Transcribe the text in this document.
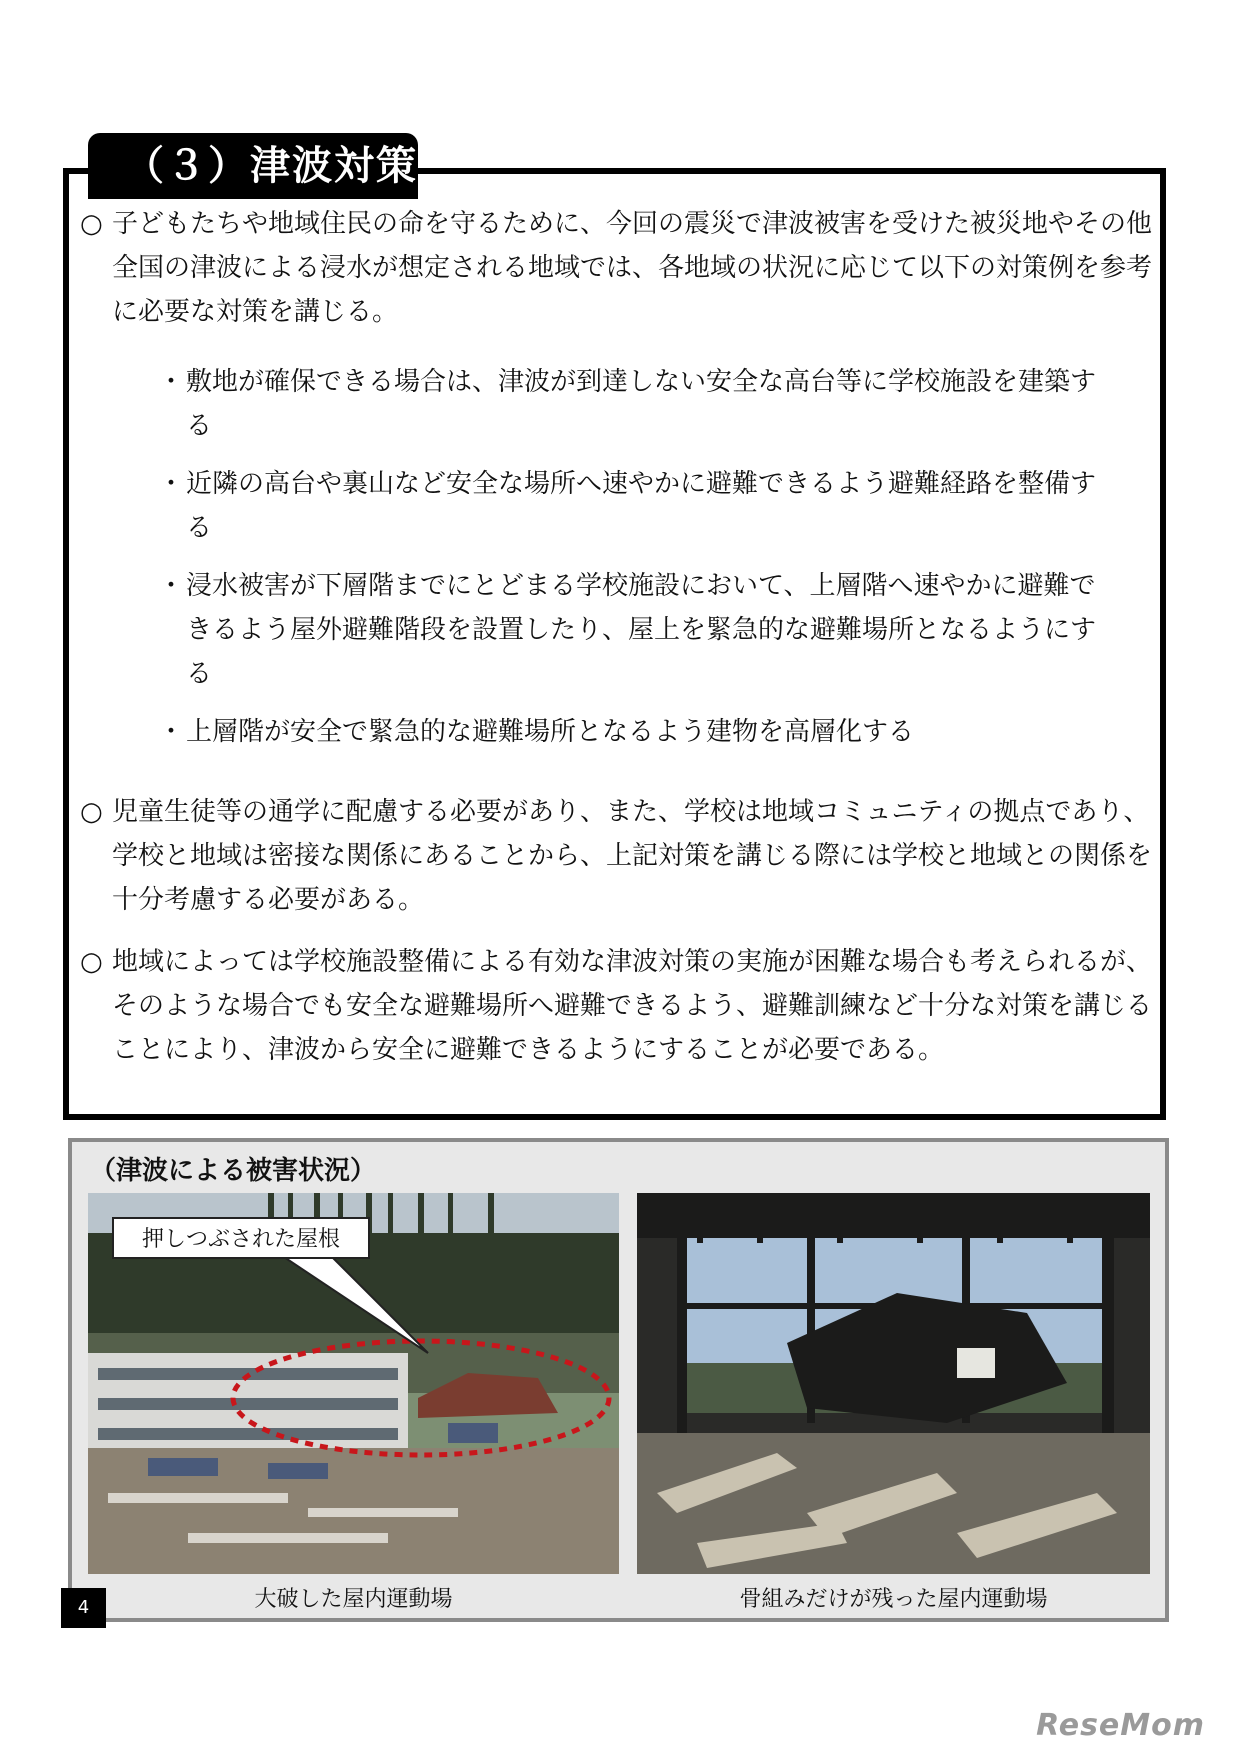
（３）津波対策

○ 子どもたちや地域住民の命を守るために、今回の震災で津波被害を受けた被災地やその他全国の津波による浸水が想定される地域では、各地域の状況に応じて以下の対策例を参考に必要な対策を講じる。

・ 敷地が確保できる場合は、津波が到達しない安全な高台等に学校施設を建築する
・ 近隣の高台や裏山など安全な場所へ速やかに避難できるよう避難経路を整備する
・ 浸水被害が下層階までにとどまる学校施設において、上層階へ速やかに避難できるよう屋外避難階段を設置したり、屋上を緊急的な避難場所となるようにする
・ 上層階が安全で緊急的な避難場所となるよう建物を高層化する

○ 児童生徒等の通学に配慮する必要があり、また、学校は地域コミュニティの拠点であり、学校と地域は密接な関係にあることから、上記対策を講じる際には学校と地域との関係を十分考慮する必要がある。

○ 地域によっては学校施設整備による有効な津波対策の実施が困難な場合も考えられるが、そのような場合でも安全な避難場所へ避難できるよう、避難訓練など十分な対策を講じることにより、津波から安全に避難できるようにすることが必要である。

（津波による被害状況）
押しつぶされた屋根
大破した屋内運動場	骨組みだけが残った屋内運動場
4
ReseMom
